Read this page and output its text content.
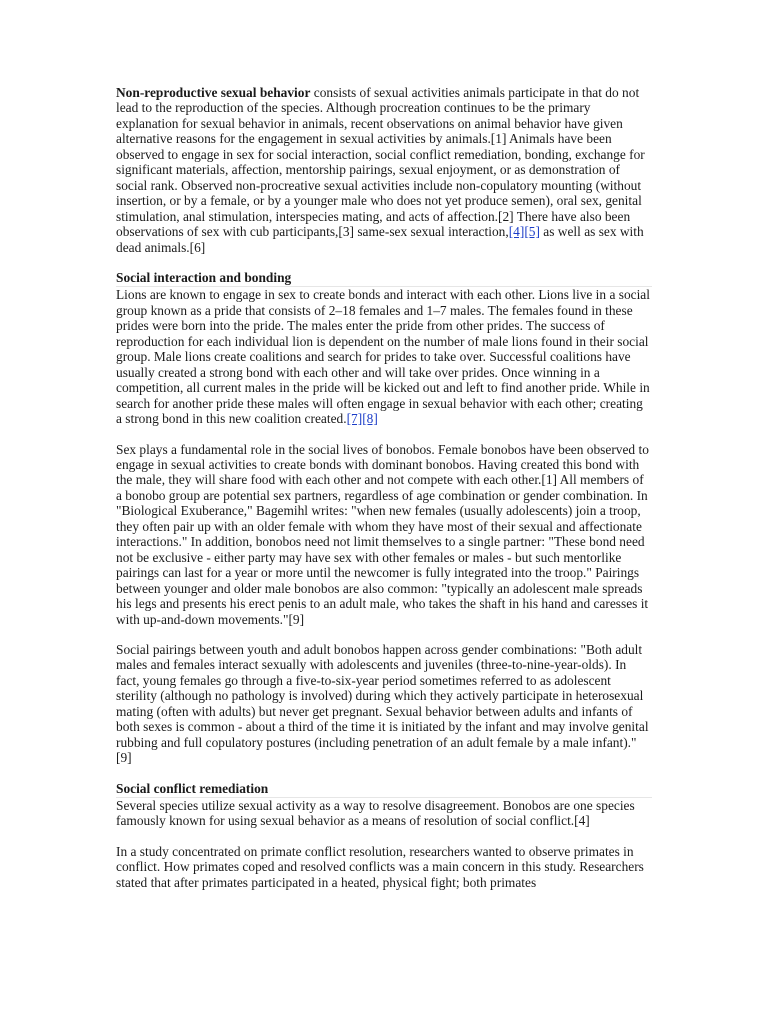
Non-reproductive sexual behavior consists of sexual activities animals participate in that do not lead to the reproduction of the species. Although procreation continues to be the primary explanation for sexual behavior in animals, recent observations on animal behavior have given alternative reasons for the engagement in sexual activities by animals.[1] Animals have been observed to engage in sex for social interaction, social conflict remediation, bonding, exchange for significant materials, affection, mentorship pairings, sexual enjoyment, or as demonstration of social rank. Observed non-procreative sexual activities include non-copulatory mounting (without insertion, or by a female, or by a younger male who does not yet produce semen), oral sex, genital stimulation, anal stimulation, interspecies mating, and acts of affection.[2] There have also been observations of sex with cub participants,[3] same-sex sexual interaction,[4][5] as well as sex with dead animals.[6]

Social interaction and bonding

Lions are known to engage in sex to create bonds and interact with each other. Lions live in a social group known as a pride that consists of 2–18 females and 1–7 males. The females found in these prides were born into the pride. The males enter the pride from other prides. The success of reproduction for each individual lion is dependent on the number of male lions found in their social group. Male lions create coalitions and search for prides to take over. Successful coalitions have usually created a strong bond with each other and will take over prides. Once winning in a competition, all current males in the pride will be kicked out and left to find another pride. While in search for another pride these males will often engage in sexual behavior with each other; creating a strong bond in this new coalition created.[7][8]

Sex plays a fundamental role in the social lives of bonobos. Female bonobos have been observed to engage in sexual activities to create bonds with dominant bonobos. Having created this bond with the male, they will share food with each other and not compete with each other.[1] All members of a bonobo group are potential sex partners, regardless of age combination or gender combination. In "Biological Exuberance," Bagemihl writes: "when new females (usually adolescents) join a troop, they often pair up with an older female with whom they have most of their sexual and affectionate interactions." In addition, bonobos need not limit themselves to a single partner: "These bond need not be exclusive - either party may have sex with other females or males - but such mentorlike pairings can last for a year or more until the newcomer is fully integrated into the troop." Pairings between younger and older male bonobos are also common: "typically an adolescent male spreads his legs and presents his erect penis to an adult male, who takes the shaft in his hand and caresses it with up-and-down movements."[9]

Social pairings between youth and adult bonobos happen across gender combinations: "Both adult males and females interact sexually with adolescents and juveniles (three-to-nine-year-olds). In fact, young females go through a five-to-six-year period sometimes referred to as adolescent sterility (although no pathology is involved) during which they actively participate in heterosexual mating (often with adults) but never get pregnant. Sexual behavior between adults and infants of both sexes is common - about a third of the time it is initiated by the infant and may involve genital rubbing and full copulatory postures (including penetration of an adult female by a male infant)."[9]

Social conflict remediation

Several species utilize sexual activity as a way to resolve disagreement. Bonobos are one species famously known for using sexual behavior as a means of resolution of social conflict.[4]

In a study concentrated on primate conflict resolution, researchers wanted to observe primates in conflict. How primates coped and resolved conflicts was a main concern in this study. Researchers stated that after primates participated in a heated, physical fight; both primates
